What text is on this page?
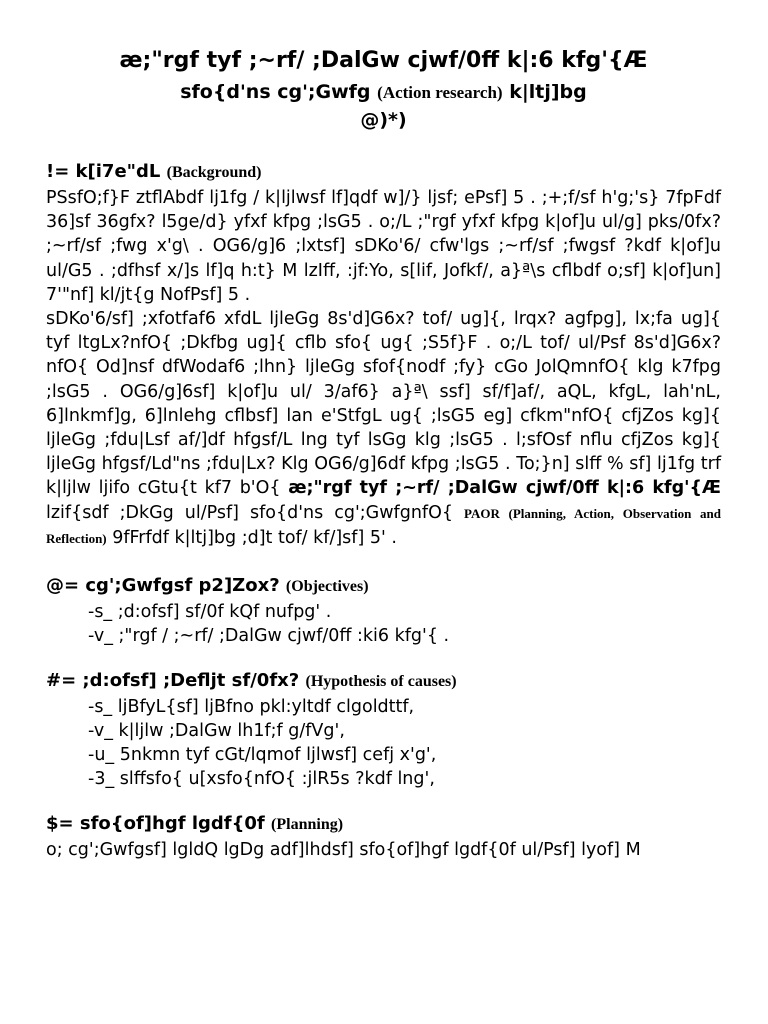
æ;"rgf tyf ;~rf/ ;DalGw cjwf/0ff k|:6 kfg'{Æ
sfo{d'ns cg';Gwfg (Action research) k|ltj]bg
@)*)
!= k[i7e"dL (Background)

PSsfO;f}F ztflAbdf lj1fg / k|ljlwsf lf]qdf w]/} ljsf; ePsf] 5 . ;+;f/sf h'g;'s} 7fpFdf 36]sf 36gfx? l5ge/d} yfxf kfpg ;lsG5 . o;/L ;"rgf yfxf kfpg k|of]u ul/g] pks/0fx? ;~rf/sf ;fwg x'g\ . OG6/g]6 ;lxtsf] sDKo'6/ cfw'lgs ;~rf/sf ;fwgsf ?kdf k|of]u ul/G5 . ;dfhsf x/]s lf]q h:t} M lzIff, :jf:Yo, s[lif, Jofkf/, a}ª\s cflbdf o;sf] k|of]un] 7'"nf] kl/jt{g NofPsf] 5 .

sDKo'6/sf] ;xfotfaf6 xfdL ljleGg 8s'd]G6x? tof/ ug]{, lrqx? agfpg], lx;fa ug]{ tyf ltgLx?nfO{ ;Dkfbg ug]{ cflb sfo{ ug{ ;S5f}F . o;/L tof/ ul/Psf 8s'd]G6x?nfO{ Od]nsf dfWodaf6 ;lhn} ljleGg sfof{nodf ;fy} cGo JolQmnfO{ klg k7fpg ;lsG5 . OG6/g]6sf] k|of]u ul/ 3/af6} a}ª\ ssf] sf/f]af/, aQL, kfgL, lah'nL, 6]lnkmf]g, 6]lnlehg cflbsf] lan e'StfgL ug{ ;lsG5 eg] cfkm"nfO{ cfjZos kg]{ ljleGg ;fdu|Lsf af/]df hfgsf/L lng tyf lsGg klg ;lsG5 . l;sfOsf nflu cfjZos kg]{ ljleGg hfgsf/Ld"ns ;fdu|Lx? Klg OG6/g]6df kfpg ;lsG5 . To;}n] slff % sf] lj1fg trf k|ljlw ljifo cGtu{t kf7 b'O{ æ;"rgf tyf ;~rf/ ;DalGw cjwf/0ff k|:6 kfg'{Æ lzif{sdf ;DkGg ul/Psf] sfo{d'ns cg';GwfgnfO{ PAOR (Planning, Action, Observation and Reflection) 9fFrfdf k|ltj]bg ;d]t tof/ kf/]sf] 5' .

@= cg';Gwfgsf p2]Zox? (Objectives)
-s_ ;d:ofsf] sf/0f kQf nufpg' .
-v_ ;"rgf / ;~rf/ ;DalGw cjwf/0ff :ki6 kfg'{ .
#= ;d:ofsf] ;Defljt sf/0fx? (Hypothesis of causes)
-s_ ljBfyL{sf] ljBfno pkl:yltdf clgoldttf,
-v_ k|ljlw ;DalGw lh1f;f g/fVg',
-u_ 5nkmn tyf cGt/lqmof ljlwsf] cefj x'g',
-3_ slffsfo{ u[xsfo{nfO{ :jlR5s ?kdf lng',
$= sfo{of]hgf lgdf{0f (Planning)

o; cg';Gwfgsf] lgldQ lgDg adf]lhdsf] sfo{of]hgf lgdf{0f ul/Psf] lyof] M
